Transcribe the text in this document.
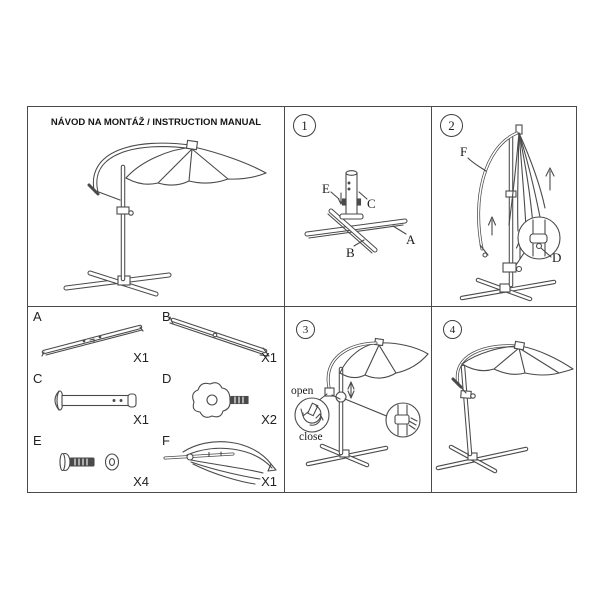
NÁVOD NA MONTÁŽ / INSTRUCTION MANUAL	1
E
C
A
B
2
F
D
A
X1
B
X1
C
X1
D
X2
E
X4
F
X1
3
open
close
4
